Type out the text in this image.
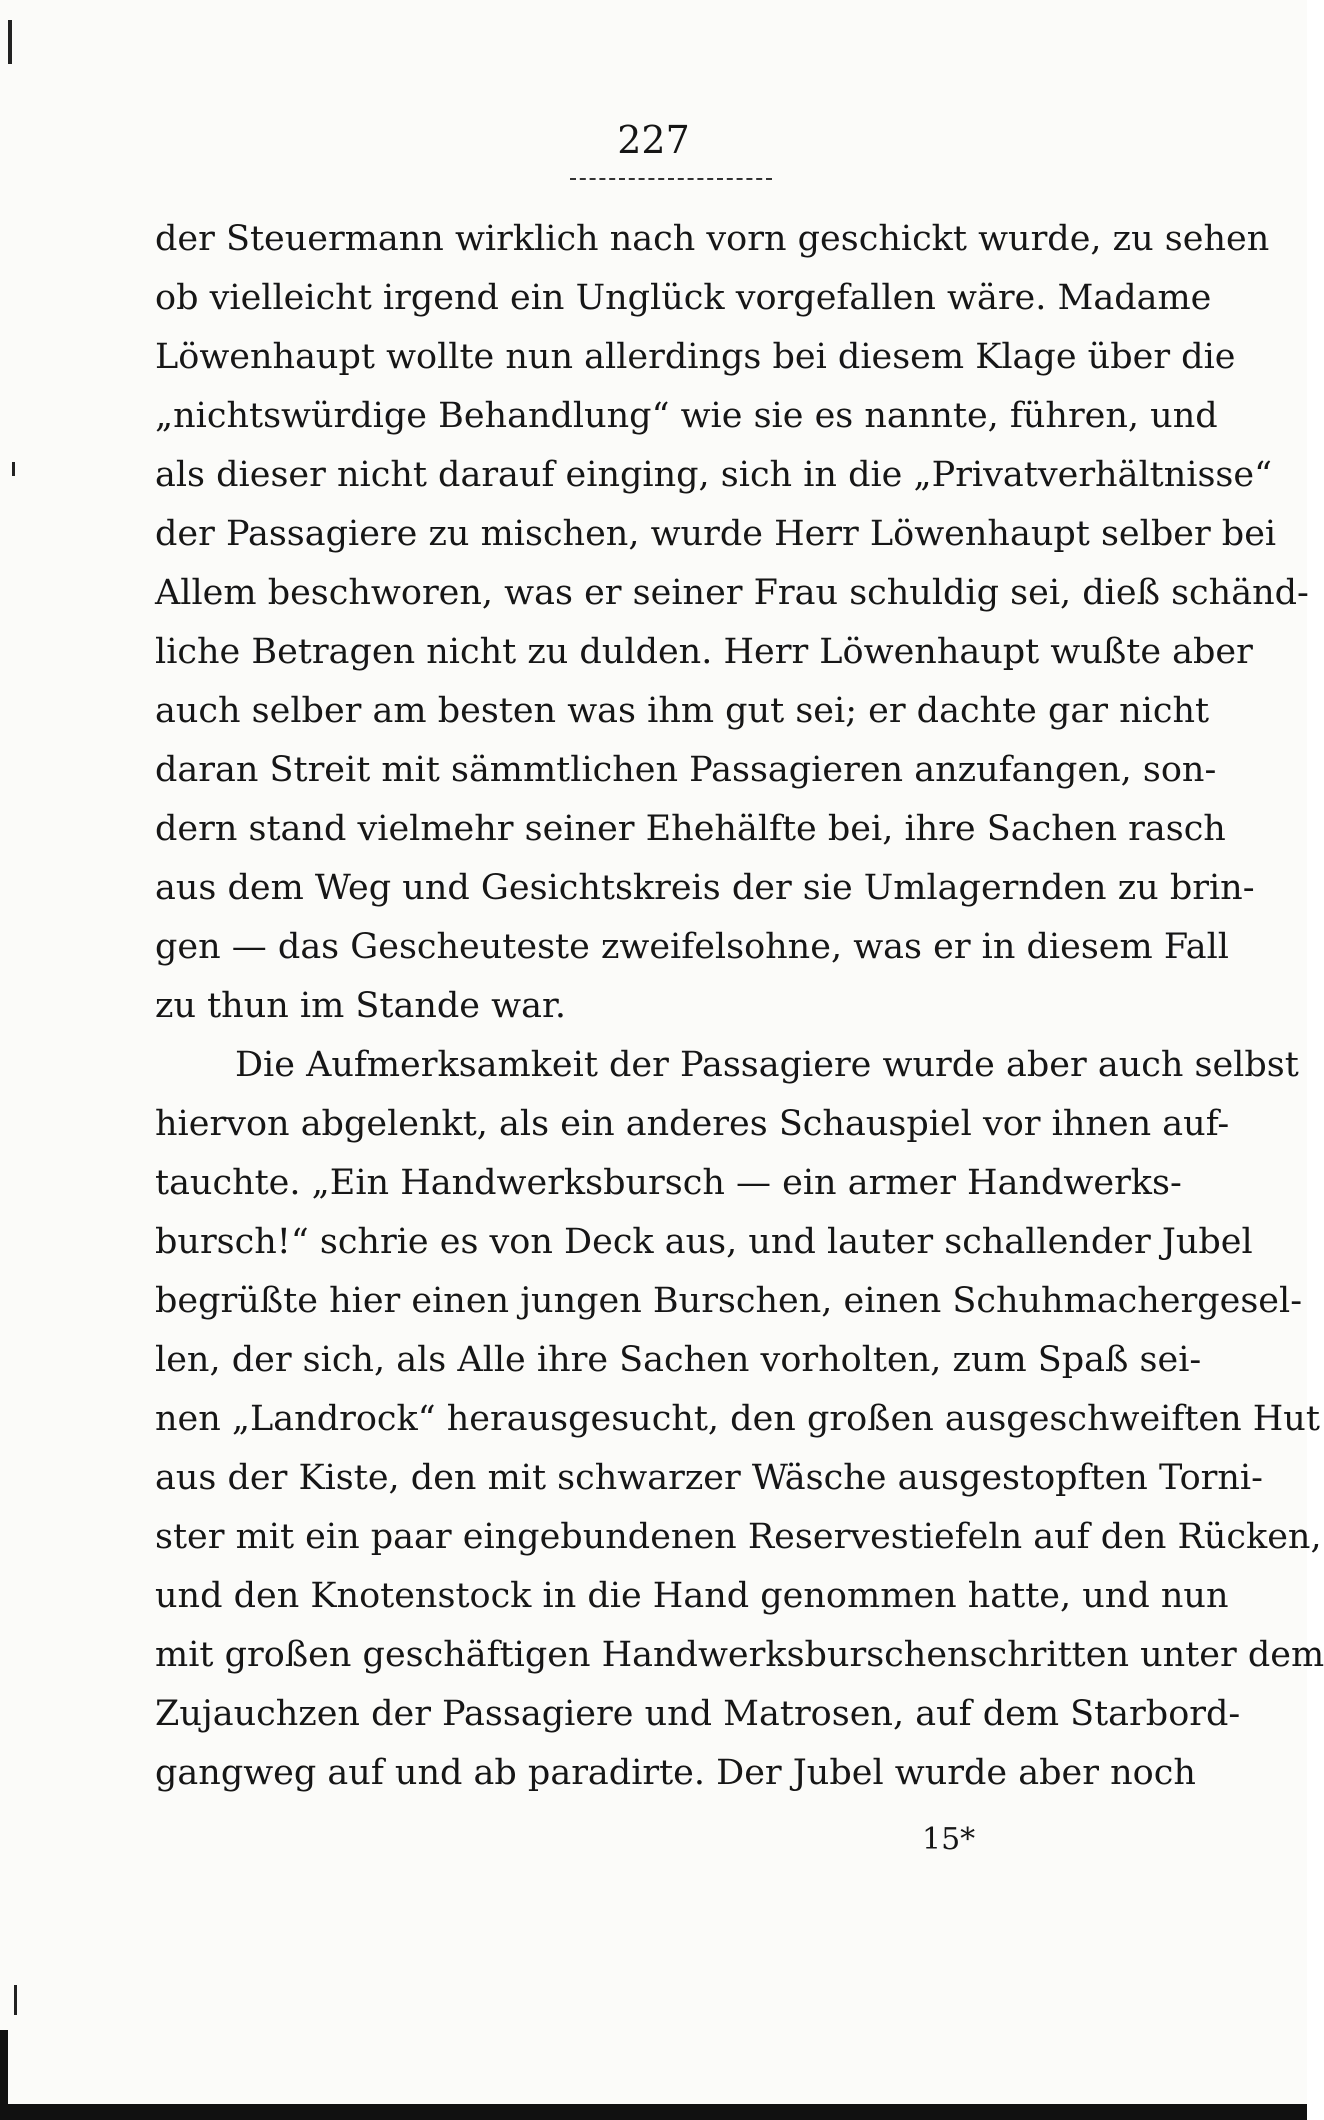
227
der Steuermann wirklich nach vorn geschickt wurde, zu sehen
ob vielleicht irgend ein Unglück vorgefallen wäre. Madame
Löwenhaupt wollte nun allerdings bei diesem Klage über die
„nichtswürdige Behandlung“ wie sie es nannte, führen, und
als dieser nicht darauf einging, sich in die „Privatverhältnisse“
der Passagiere zu mischen, wurde Herr Löwenhaupt selber bei
Allem beschworen, was er seiner Frau schuldig sei, dieß schänd-
liche Betragen nicht zu dulden. Herr Löwenhaupt wußte aber
auch selber am besten was ihm gut sei; er dachte gar nicht
daran Streit mit sämmtlichen Passagieren anzufangen, son-
dern stand vielmehr seiner Ehehälfte bei, ihre Sachen rasch
aus dem Weg und Gesichtskreis der sie Umlagernden zu brin-
gen — das Gescheuteste zweifelsohne, was er in diesem Fall
zu thun im Stande war.
Die Aufmerksamkeit der Passagiere wurde aber auch selbst
hiervon abgelenkt, als ein anderes Schauspiel vor ihnen auf-
tauchte. „Ein Handwerksbursch — ein armer Handwerks-
bursch!“ schrie es von Deck aus, und lauter schallender Jubel
begrüßte hier einen jungen Burschen, einen Schuhmachergesel-
len, der sich, als Alle ihre Sachen vorholten, zum Spaß sei-
nen „Landrock“ herausgesucht, den großen ausgeschweiften Hut
aus der Kiste, den mit schwarzer Wäsche ausgestopften Torni-
ster mit ein paar eingebundenen Reservestiefeln auf den Rücken,
und den Knotenstock in die Hand genommen hatte, und nun
mit großen geschäftigen Handwerksburschenschritten unter dem
Zujauchzen der Passagiere und Matrosen, auf dem Starbord-
gangweg auf und ab paradirte. Der Jubel wurde aber noch
15*
